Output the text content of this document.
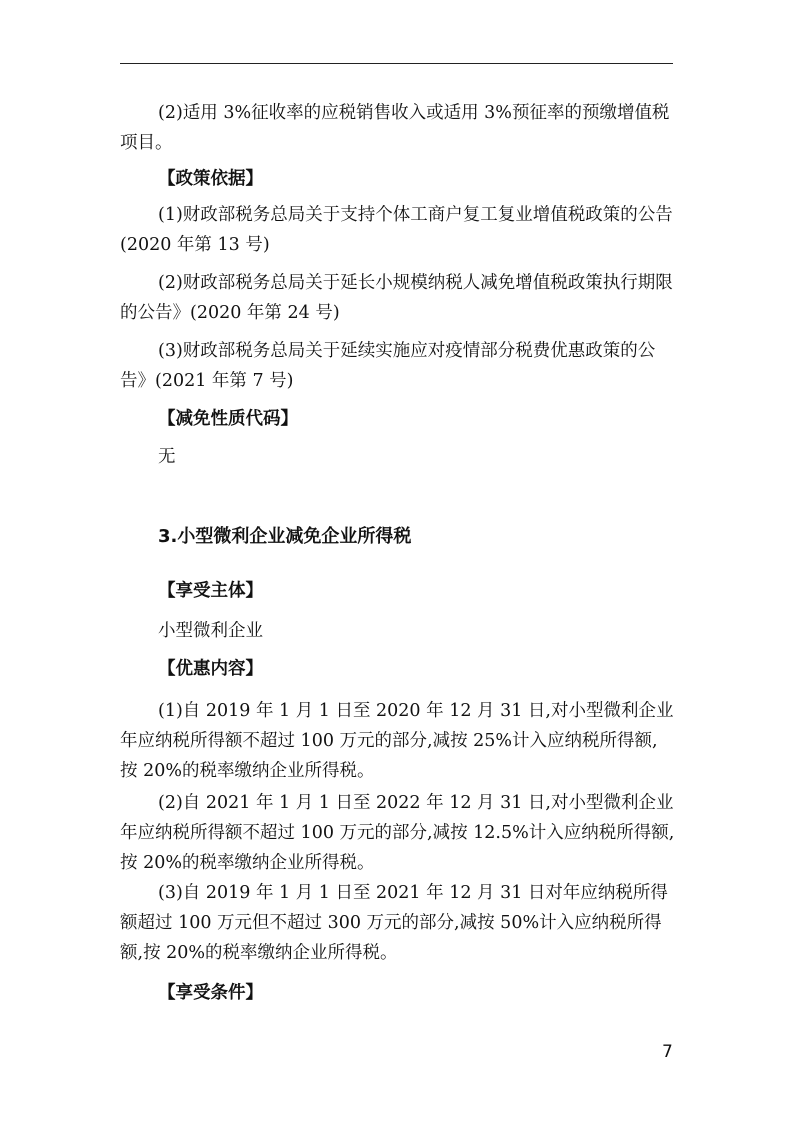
(2)适用 3%征收率的应税销售收入或适用 3%预征率的预缴增值税项目。
【政策依据】
(1)财政部税务总局关于支持个体工商户复工复业增值税政策的公告(2020 年第 13 号)
(2)财政部税务总局关于延长小规模纳税人减免增值税政策执行期限的公告》(2020 年第 24 号)
(3)财政部税务总局关于延续实施应对疫情部分税费优惠政策的公告》(2021 年第 7 号)
【减免性质代码】
无
3.小型微利企业减免企业所得税
【享受主体】
小型微利企业
【优惠内容】
(1)自 2019 年 1 月 1 日至 2020 年 12 月 31 日,对小型微利企业年应纳税所得额不超过 100 万元的部分,减按 25%计入应纳税所得额,按 20%的税率缴纳企业所得税。
(2)自 2021 年 1 月 1 日至 2022 年 12 月 31 日,对小型微利企业年应纳税所得额不超过 100 万元的部分,减按 12.5%计入应纳税所得额,按 20%的税率缴纳企业所得税。
(3)自 2019 年 1 月 1 日至 2021 年 12 月 31 日对年应纳税所得额超过 100 万元但不超过 300 万元的部分,减按 50%计入应纳税所得额,按 20%的税率缴纳企业所得税。
【享受条件】
7
